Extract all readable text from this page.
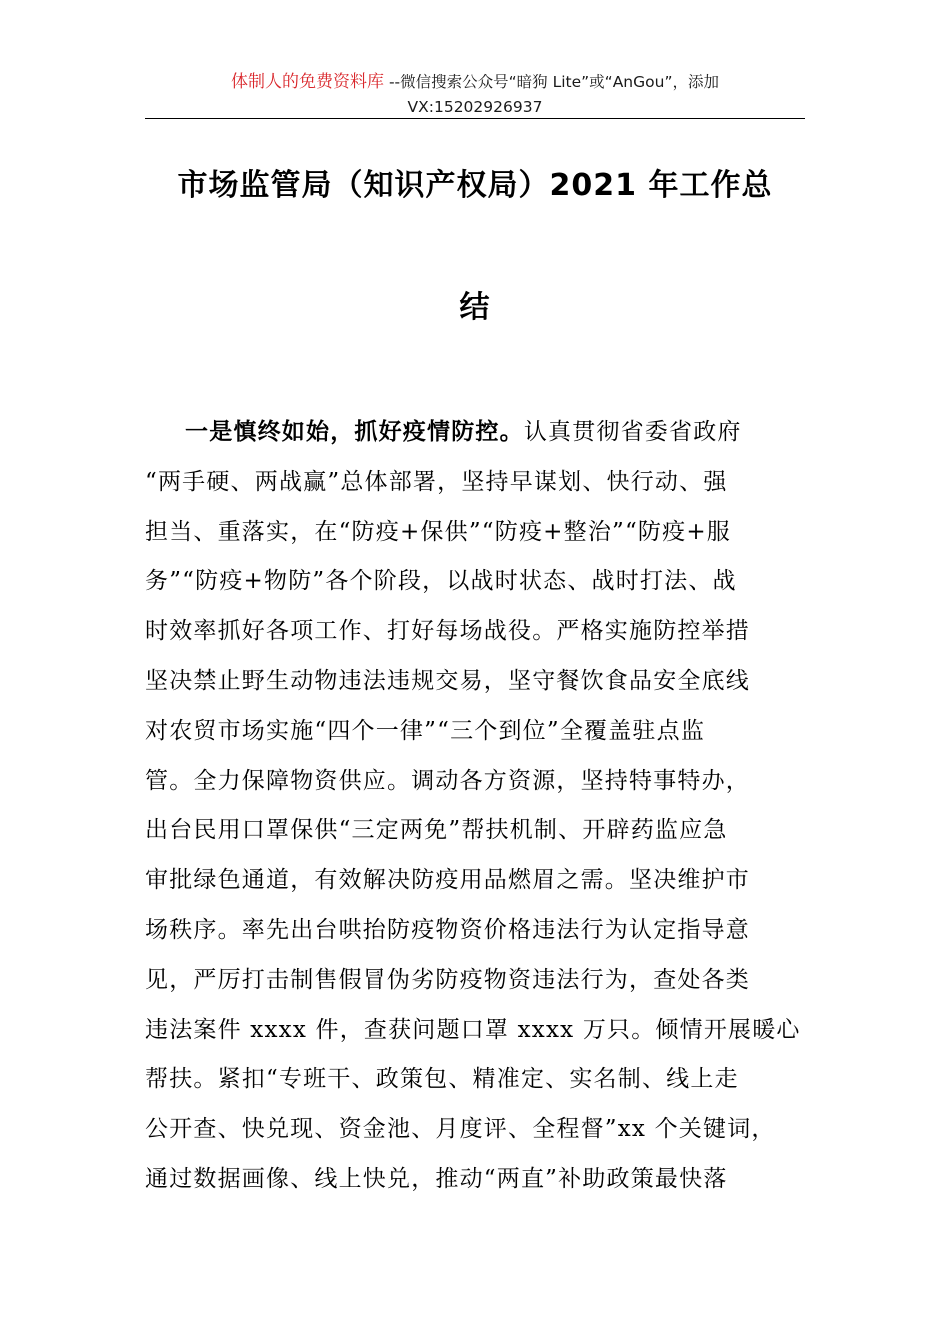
体制人的免费资料库 --微信搜索公众号“暗狗 Lite”或“AnGou”，添加
VX:15202926937
市场监管局（知识产权局）2021 年工作总
结
一是慎终如始，抓好疫情防控。认真贯彻省委省政府
“两手硬、两战赢”总体部署，坚持早谋划、快行动、强
担当、重落实，在“防疫+保供”“防疫+整治”“防疫+服
务”“防疫+物防”各个阶段，以战时状态、战时打法、战
时效率抓好各项工作、打好每场战役。严格实施防控举措
坚决禁止野生动物违法违规交易，坚守餐饮食品安全底线
对农贸市场实施“四个一律”“三个到位”全覆盖驻点监
管。全力保障物资供应。调动各方资源，坚持特事特办，
出台民用口罩保供“三定两免”帮扶机制、开辟药监应急
审批绿色通道，有效解决防疫用品燃眉之需。坚决维护市
场秩序。率先出台哄抬防疫物资价格违法行为认定指导意
见，严厉打击制售假冒伪劣防疫物资违法行为，查处各类
违法案件 xxxx 件，查获问题口罩 xxxx 万只。倾情开展暖心
帮扶。紧扣“专班干、政策包、精准定、实名制、线上走
公开查、快兑现、资金池、月度评、全程督”xx 个关键词，
通过数据画像、线上快兑，推动“两直”补助政策最快落
